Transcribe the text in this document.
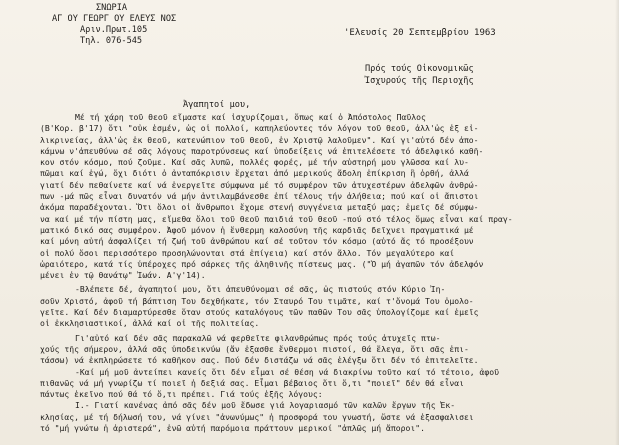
ΣΝΩΡΙΑ
ΑΓ ΟΥ ΓΕΩΡΓ ΟΥ ΕΛΕΥΣ ΝΟΣ
Αριν.Πρωτ.105
Τηλ. 076-545
'Ελευσίς 20 Σεπτεμβρίου 1963
Πρός τούς Οἰκονομικῶς
Ἰσχυρούς τῆς Περιοχῆς
Ἀγαπητοί μου,
Μέ τή χάρη τοῦ θεοῦ εἴμαστε καί ἰσχυρίζομαι, ὅπως καί ὁ Ἀπόστολος Παῦλος
(Β'Κορ. β'17) ὅτι "οὐκ ἐσμέν, ὡς οἱ πολλοί, καπηλεύοντες τόν λόγον τοῦ θεοῦ, ἀλλ'ὡς ἐξ εἰ-
λικρινείας, ἀλλ'ὡς ἐκ θεοῦ, κατενώπιον τοῦ θεοῦ, ἐν Χριστῷ λαλοῦμεν". Καί γι'αὐτό δέν ἀπο-
κάμνω ν'ἀπευθύνω σέ σᾶς λόγους παροτρύνσεως καί ὑποδείξεις νά ἐπιτελέσετε τό ἀδελφικό καθῆ-
κον στόν κόσμο, πού ζοῦμε. Καί σᾶς λυπῶ, πολλές φορές, μέ τήν αὐστηρή μου γλῶσσα καί λυ-
πῶμαι καί ἐγώ, ὄχι διότι ὁ ἀνταπόκρισιν ἔρχεται ἀπό μερικούς ἄδολη ἐπίκριση ἢ ὀρθή, ἀλλά
γιατί δέν πεθαίνετε καί νά ἐνεργεῖτε σύμφωνα μέ τό συμφέρον τῶν ἀτυχεστέρων ἀδελφῶν ἀνθρώ-
πων -μά πῶς εἶναι δυνατόν νά μήν ἀντιλαμβάνεσθε ἐπί τέλους τήν ἀλήθεια; πού καί οἱ ἄπιστοι
ἀκόμα παραδέχονται. Ὅτι ὅλοι οἱ ἄνθρωποι ἔχομε στενή συγγένεια μεταξύ μας; ἐμεῖς δέ σύμφω-
να καί μέ τήν πίστη μας, εἴμεθα ὅλοι τοῦ θεοῦ παιδιά τοῦ θεοῦ -πού στό τέλος ὅμως εἶναι καί πραγ-
ματικό δικό σας συμφέρον. Ἀφοῦ μόνον ἡ ἔνθερμη καλοσύνη τῆς καρδιᾶς δεῖχνει πραγματικά μέ
καί μόνη αὐτή ἀσφαλίζει τή ζωή τοῦ ἀνθρώπου καί σέ τοῦτον τόν κόσμο (αὐτό ἄς τό προσέξουν
οἱ πολύ ὅσοι περισσότερο προσηλώνονται στά ἐπίγεια) καί στόν ἄλλο. Τόν μεγαλύτερο καί
ὡραιότερο, κατά τίς ὑπέροχες πρό σάρκες τῆς ἀληθινῆς πίστεως μας. ("Ὁ μή ἀγαπῶν τόν ἀδελφόν
μένει ἐν τῷ θανάτῳ" Ἰωάν. Α'γ'14).
-Βλέπετε δέ, ἀγαπητοί μου, ὅτι ἀπευθύνομαι σέ σᾶς, ὡς πιστούς στόν Κύριο Ἰη-
σοῦν Χριστό, ἀφοῦ τή βάπτιση Του δεχθήκατε, τόν Σταυρό Του τιμᾶτε, καί τ'ὄνομά Του ὁμολο-
γεῖτε. Καί δέν διαμαρτύρεσθε ὅταν στούς καταλόγους τῶν παθῶν Του σᾶς ὑπολογίζομε καί ἐμεῖς
οἱ ἐκκλησιαστικοί, ἀλλά καί οἱ τῆς πολιτείας.
Γι'αὐτό καί δέν σᾶς παρακαλῶ νά φερθεῖτε φιλανθρώπως πρός τούς ἀτυχεῖς πτω-
χούς τῆς σήμερον, ἀλλά σᾶς ὑποδεικνύω (ἄν ἐξασθε ἔνθερμοι πιστοί, θά ἔλεγα, ὅτι σᾶς ἐπι-
τάσσω) νά ἐκπληρώσετε τό καθῆκον σας. Πού δέν διστάζω νά σᾶς ἐλέγξω ὅτι δέν τό ἐπιτελεῖτε.
-Καί μή μοῦ ἀντείπει κανείς ὅτι δέν εἶμαι σέ θέση νά διακρίνω τοῦτο καί τό τέτοιο, ἀφοῦ
πιθανῶς νά μή γνωρίζω τί ποιεῖ ἡ δεξιά σας. Εἶμαι βέβαιος ὅτι ὅ,τι "ποιεῖ" δέν θά εἶναι
πάντως ἐκεῖνο πού θά τό ὅ,τι πρέπει. Γιά τούς ἑξῆς λόγους:
Ι.- Γιατί κανένας ἀπό σᾶς δέν μοῦ ἔδωσε γιά λογαριασμό τῶν καλῶν ἔργων τῆς Ἐκ-
κλησίας, μέ τή δήλωσή του, νά γίνει "ἀνωνύμως" ἡ προσφορά του γνωστή, ὥστε νά ἐξασφαλισει
τό "μή γνώτω ἡ ἀριστερά", ἐνῶ αὐτή παρόμοια πράττουν μερικοί "ἁπλῶς μή ἄποροι".
